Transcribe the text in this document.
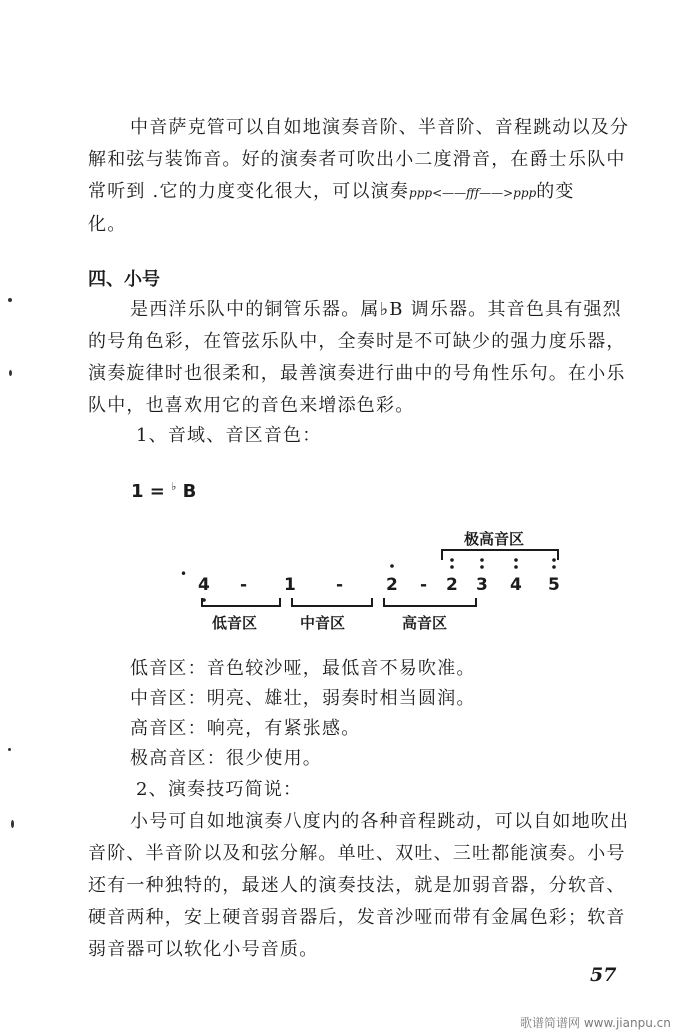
中音萨克管可以自如地演奏音阶、半音阶、音程跳动以及分
解和弦与装饰音。好的演奏者可吹出小二度滑音，在爵士乐队中
常听到 .它的力度变化很大，可以演奏ppp<——fff——>ppp的变
化。
四、小号
是西洋乐队中的铜管乐器。属♭B 调乐器。其音色具有强烈
的号角色彩，在管弦乐队中，全奏时是不可缺少的强力度乐器，
演奏旋律时也很柔和，最善演奏进行曲中的号角性乐句。在小乐
队中，也喜欢用它的音色来增添色彩。
1、音域、音区音色：
1 = ♭ B
极高音区
•
4 - 1 -	2 - 2 3 4 5
低音区	中音区	高音区
低音区：音色较沙哑，最低音不易吹准。
中音区：明亮、雄壮，弱奏时相当圆润。
高音区：响亮，有紧张感。
极高音区：很少使用。
2、演奏技巧简说：
小号可自如地演奏八度内的各种音程跳动，可以自如地吹出
音阶、半音阶以及和弦分解。单吐、双吐、三吐都能演奏。小号
还有一种独特的，最迷人的演奏技法，就是加弱音器，分软音、
硬音两种，安上硬音弱音器后，发音沙哑而带有金属色彩；软音
弱音器可以软化小号音质。
57
歌谱简谱网 www.jianpu.cn
